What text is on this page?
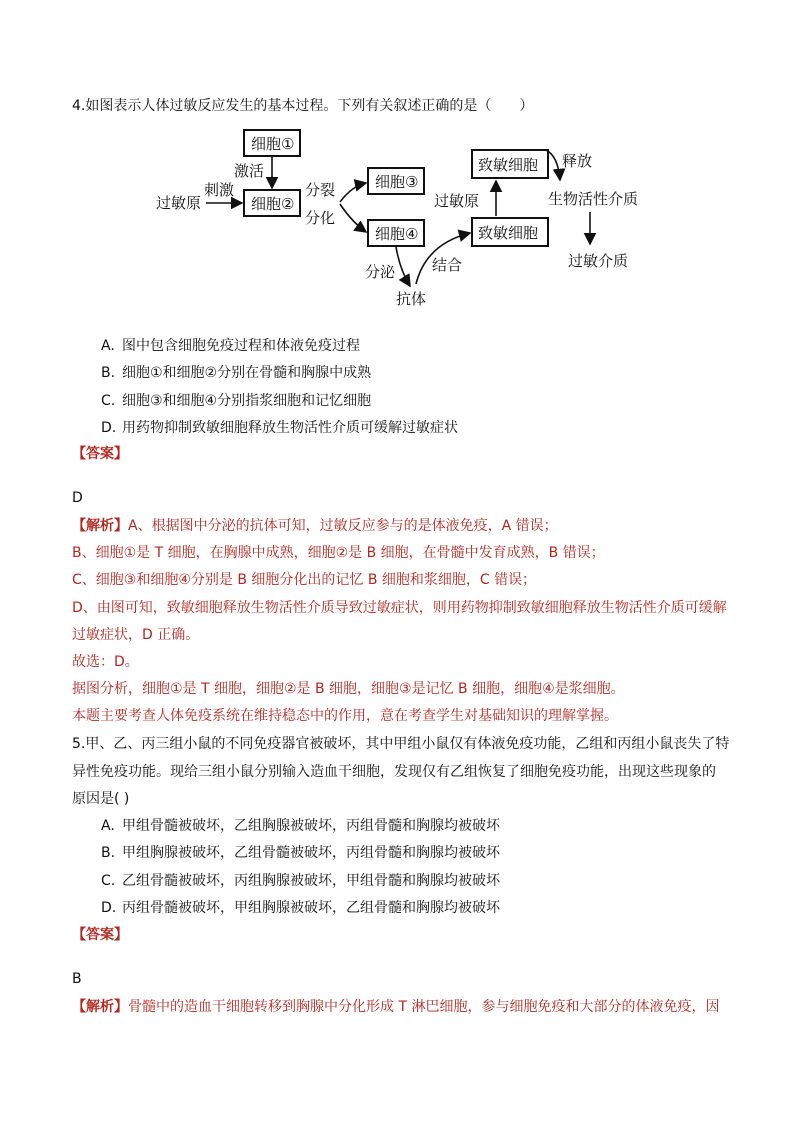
4.如图表示人体过敏反应发生的基本过程。下列有关叙述正确的是（　　）
细胞①
细胞②
细胞③
细胞④
致敏细胞
致敏细胞
过敏原
刺激
激活
分裂
分化
分泌 结合
抗体
过敏原
释放
生物活性介质
过敏介质
A. 图中包含细胞免疫过程和体液免疫过程
B. 细胞①和细胞②分别在骨髓和胸腺中成熟
C. 细胞③和细胞④分别指浆细胞和记忆细胞
D. 用药物抑制致敏细胞释放生物活性介质可缓解过敏症状
【答案】
D
【解析】A、根据图中分泌的抗体可知，过敏反应参与的是体液免疫，A 错误；
B、细胞①是 T 细胞，在胸腺中成熟，细胞②是 B 细胞，在骨髓中发育成熟，B 错误；
C、细胞③和细胞④分别是 B 细胞分化出的记忆 B 细胞和浆细胞，C 错误；
D、由图可知，致敏细胞释放生物活性介质导致过敏症状，则用药物抑制致敏细胞释放生物活性介质可缓解
过敏症状，D 正确。
故选：D。
据图分析，细胞①是 T 细胞，细胞②是 B 细胞，细胞③是记忆 B 细胞，细胞④是浆细胞。
本题主要考查人体免疫系统在维持稳态中的作用，意在考查学生对基础知识的理解掌握。
5.甲、乙、丙三组小鼠的不同免疫器官被破坏，其中甲组小鼠仅有体液免疫功能，乙组和丙组小鼠丧失了特
异性免疫功能。现给三组小鼠分别输入造血干细胞，发现仅有乙组恢复了细胞免疫功能，出现这些现象的
原因是( )
A. 甲组骨髓被破坏，乙组胸腺被破坏，丙组骨髓和胸腺均被破坏
B. 甲组胸腺被破坏，乙组骨髓被破坏，丙组骨髓和胸腺均被破坏
C. 乙组骨髓被破坏，丙组胸腺被破坏，甲组骨髓和胸腺均被破坏
D. 丙组骨髓被破坏，甲组胸腺被破坏，乙组骨髓和胸腺均被破坏
【答案】
B
【解析】骨髓中的造血干细胞转移到胸腺中分化形成 T 淋巴细胞，参与细胞免疫和大部分的体液免疫，因
